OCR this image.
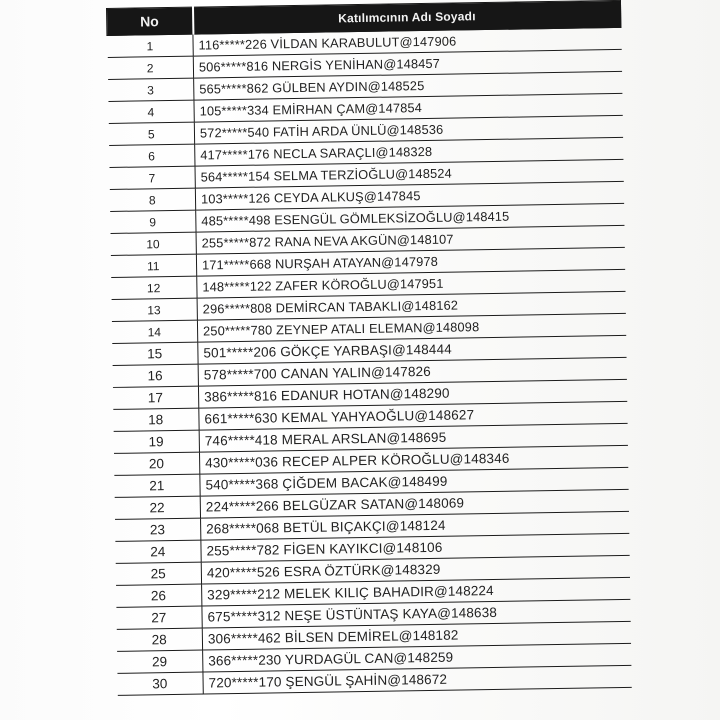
No	Katılımcının Adı Soyadı
1	116*****226 VİLDAN KARABULUT@147906
2	506*****816 NERGİS YENİHAN@148457
3	565*****862 GÜLBEN AYDIN@148525
4	105*****334 EMİRHAN ÇAM@147854
5	572*****540 FATİH ARDA ÜNLÜ@148536
6	417*****176 NECLA SARAÇLI@148328
7	564*****154 SELMA TERZİOĞLU@148524
8	103*****126 CEYDA ALKUŞ@147845
9	485*****498 ESENGÜL GÖMLEKSİZOĞLU@148415
10	255*****872 RANA NEVA AKGÜN@148107
11	171*****668 NURŞAH ATAYAN@147978
12	148*****122 ZAFER KÖROĞLU@147951
13	296*****808 DEMİRCAN TABAKLI@148162
14	250*****780 ZEYNEP ATALI ELEMAN@148098
15	501*****206 GÖKÇE YARBAŞI@148444
16	578*****700 CANAN YALIN@147826
17	386*****816 EDANUR HOTAN@148290
18	661*****630 KEMAL YAHYAOĞLU@148627
19	746*****418 MERAL ARSLAN@148695
20	430*****036 RECEP ALPER KÖROĞLU@148346
21	540*****368 ÇİĞDEM BACAK@148499
22	224*****266 BELGÜZAR SATAN@148069
23	268*****068 BETÜL BIÇAKÇI@148124
24	255*****782 FİGEN KAYIKCI@148106
25	420*****526 ESRA ÖZTÜRK@148329
26	329*****212 MELEK KILIÇ BAHADIR@148224
27	675*****312 NEŞE ÜSTÜNTAŞ KAYA@148638
28	306*****462 BİLSEN DEMİREL@148182
29	366*****230 YURDAGÜL CAN@148259
30	720*****170 ŞENGÜL ŞAHİN@148672
